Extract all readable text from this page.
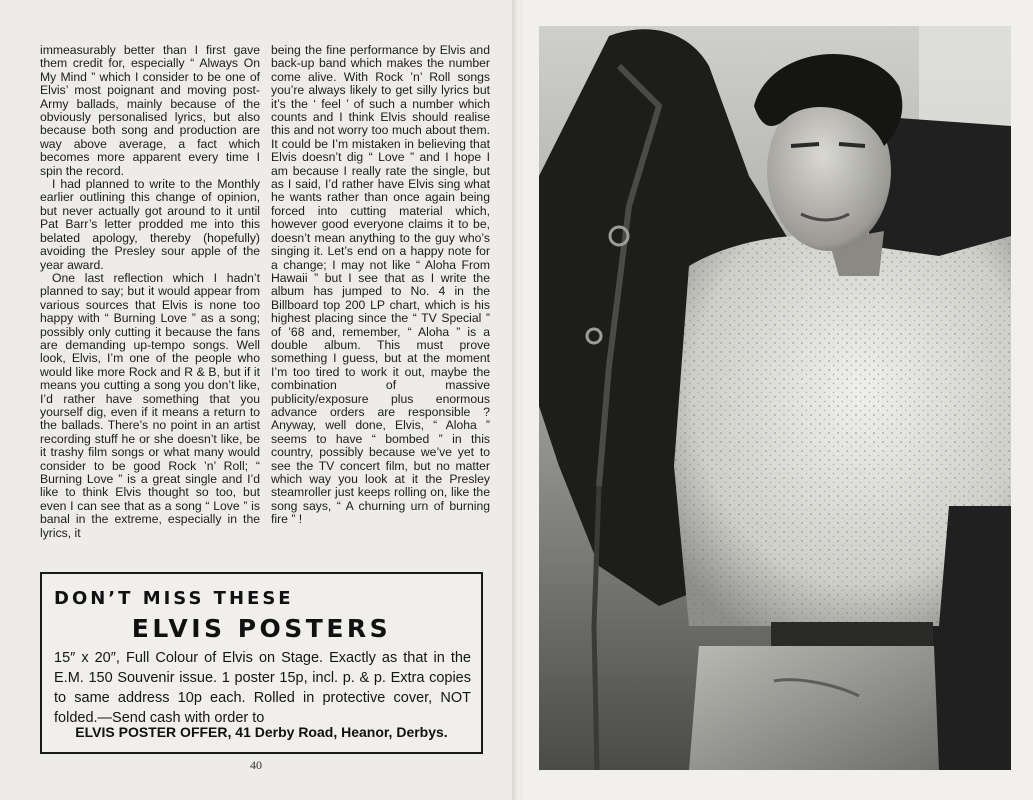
immeasurably better than I first gave them credit for, especially “ Always On My Mind ” which I consider to be one of Elvis’ most poignant and moving post-Army ballads, mainly because of the obviously personalised lyrics, but also because both song and production are way above average, a fact which becomes more apparent every time I spin the record.

I had planned to write to the Monthly earlier outlining this change of opinion, but never actually got around to it until Pat Barr’s letter prodded me into this belated apology, thereby (hopefully) avoiding the Presley sour apple of the year award.

One last reflection which I hadn’t planned to say; but it would appear from various sources that Elvis is none too happy with “ Burning Love ” as a song; possibly only cutting it because the fans are demanding up-tempo songs. Well look, Elvis, I’m one of the people who would like more Rock and R & B, but if it means you cutting a song you don’t like, I’d rather have something that you yourself dig, even if it means a return to the ballads. There’s no point in an artist recording stuff he or she doesn’t like, be it trashy film songs or what many would consider to be good Rock ’n’ Roll; “ Burning Love ” is a great single and I’d like to think Elvis thought so too, but even I can see that as a song “ Love ” is banal in the extreme, especially in the lyrics, it

being the fine performance by Elvis and back-up band which makes the number come alive. With Rock ’n’ Roll songs you’re always likely to get silly lyrics but it’s the ‘ feel ’ of such a number which counts and I think Elvis should realise this and not worry too much about them. It could be I’m mistaken in believing that Elvis doesn’t dig “ Love ” and I hope I am because I really rate the single, but as I said, I’d rather have Elvis sing what he wants rather than once again being forced into cutting material which, however good everyone claims it to be, doesn’t mean anything to the guy who’s singing it. Let’s end on a happy note for a change; I may not like “ Aloha From Hawaii ” but I see that as I write the album has jumped to No. 4 in the Billboard top 200 LP chart, which is his highest placing since the “ TV Special ” of ’68 and, remember, “ Aloha ” is a double album. This must prove something I guess, but at the moment I’m too tired to work it out, maybe the combination of massive publicity/exposure plus enormous advance orders are responsible ? Anyway, well done, Elvis, “ Aloha ” seems to have “ bombed ” in this country, possibly because we’ve yet to see the TV concert film, but no matter which way you look at it the Presley steamroller just keeps rolling on, like the song says, “ A churning urn of burning fire ” !

DON’T MISS THESE
ELVIS POSTERS
15″ x 20″, Full Colour of Elvis on Stage. Exactly as that in the E.M. 150 Souvenir issue. 1 poster 15p, incl. p. & p. Extra copies to same address 10p each. Rolled in protective cover, NOT folded.—Send cash with order to
ELVIS POSTER OFFER, 41 Derby Road, Heanor, Derbys.
40
